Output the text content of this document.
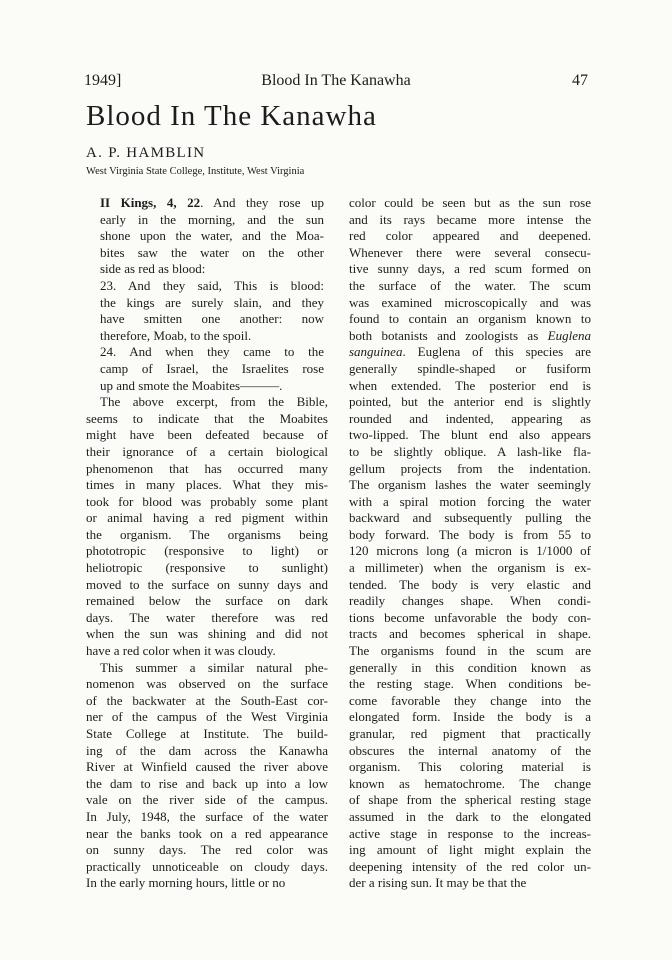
1949]	Blood In The Kanawha	47
Blood In The Kanawha
A. P. HAMBLIN
West Virginia State College, Institute, West Virginia
II Kings, 4, 22. And they rose up
early in the morning, and the sun
shone upon the water, and the Moa-
bites saw the water on the other
side as red as blood:
23. And they said, This is blood:
the kings are surely slain, and they
have smitten one another: now
therefore, Moab, to the spoil.
24. And when they came to the
camp of Israel, the Israelites rose
up and smote the Moabites———.
The above excerpt, from the Bible,
seems to indicate that the Moabites
might have been defeated because of
their ignorance of a certain biological
phenomenon that has occurred many
times in many places. What they mis-
took for blood was probably some plant
or animal having a red pigment within
the organism. The organisms being
phototropic (responsive to light) or
heliotropic (responsive to sunlight)
moved to the surface on sunny days and
remained below the surface on dark
days. The water therefore was red
when the sun was shining and did not
have a red color when it was cloudy.
This summer a similar natural phe-
nomenon was observed on the surface
of the backwater at the South-East cor-
ner of the campus of the West Virginia
State College at Institute. The build-
ing of the dam across the Kanawha
River at Winfield caused the river above
the dam to rise and back up into a low
vale on the river side of the campus.
In July, 1948, the surface of the water
near the banks took on a red appearance
on sunny days. The red color was
practically unnoticeable on cloudy days.
In the early morning hours, little or no
color could be seen but as the sun rose
and its rays became more intense the
red color appeared and deepened.
Whenever there were several consecu-
tive sunny days, a red scum formed on
the surface of the water. The scum
was examined microscopically and was
found to contain an organism known to
both botanists and zoologists as Euglena
sanguinea. Euglena of this species are
generally spindle-shaped or fusiform
when extended. The posterior end is
pointed, but the anterior end is slightly
rounded and indented, appearing as
two-lipped. The blunt end also appears
to be slightly oblique. A lash-like fla-
gellum projects from the indentation.
The organism lashes the water seemingly
with a spiral motion forcing the water
backward and subsequently pulling the
body forward. The body is from 55 to
120 microns long (a micron is 1/1000 of
a millimeter) when the organism is ex-
tended. The body is very elastic and
readily changes shape. When condi-
tions become unfavorable the body con-
tracts and becomes spherical in shape.
The organisms found in the scum are
generally in this condition known as
the resting stage. When conditions be-
come favorable they change into the
elongated form. Inside the body is a
granular, red pigment that practically
obscures the internal anatomy of the
organism. This coloring material is
known as hematochrome. The change
of shape from the spherical resting stage
assumed in the dark to the elongated
active stage in response to the increas-
ing amount of light might explain the
deepening intensity of the red color un-
der a rising sun. It may be that the
